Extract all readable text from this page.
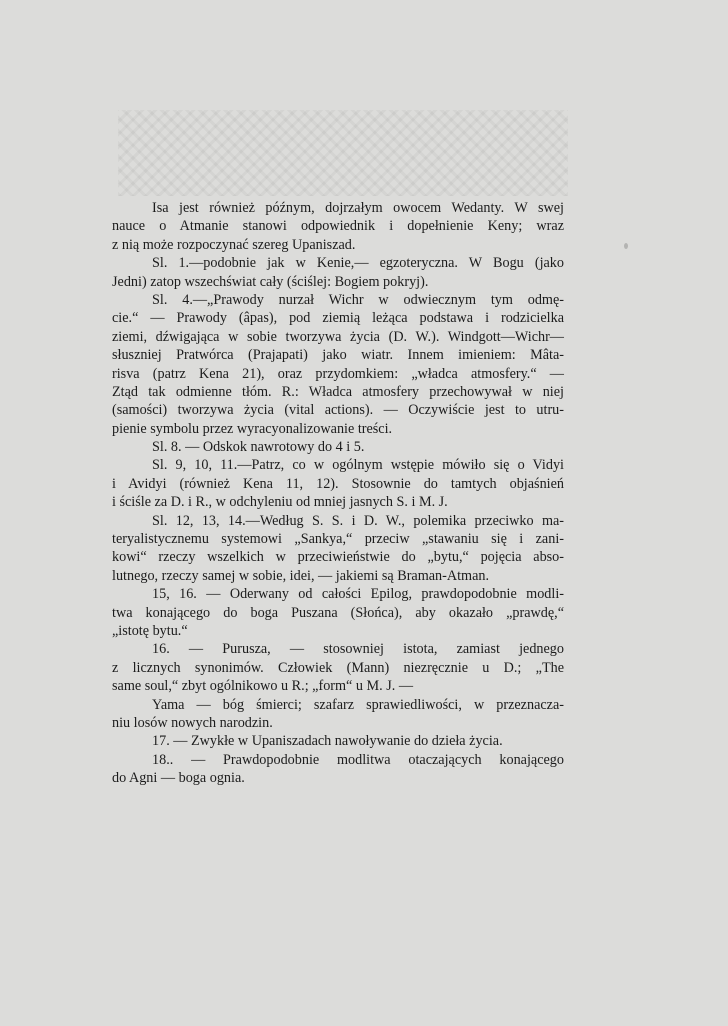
Isa jest również późnym, dojrzałym owocem Wedanty. W swej
nauce o Atmanie stanowi odpowiednik i dopełnienie Keny; wraz
z nią może rozpoczynać szereg Upaniszad.
Sl. 1.—podobnie jak w Kenie,— egzoteryczna. W Bogu (jako
Jedni) zatop wszechświat cały (ściślej: Bogiem pokryj).
Sl. 4.—„Prawody nurzał Wichr w odwiecznym tym odmę-
cie.“ — Prawody (âpas), pod ziemią leżąca podstawa i rodzicielka
ziemi, dźwigająca w sobie tworzywa życia (D. W.). Windgott—Wichr—
słuszniej Pratwórca (Prajapati) jako wiatr. Innem imieniem: Mâta-
risva (patrz Kena 21), oraz przydomkiem: „władca atmosfery.“ —
Ztąd tak odmienne tłóm. R.: Władca atmosfery przechowywał w niej
(samości) tworzywa życia (vital actions). — Oczywiście jest to utru-
pienie symbolu przez wyracyonalizowanie treści.
Sl. 8. — Odskok nawrotowy do 4 i 5.
Sl. 9, 10, 11.—Patrz, co w ogólnym wstępie mówiło się o Vidyi
i Avidyi (również Kena 11, 12). Stosownie do tamtych objaśnień
i ściśle za D. i R., w odchyleniu od mniej jasnych S. i M. J.
Sl. 12, 13, 14.—Według S. S. i D. W., polemika przeciwko ma-
teryalistycznemu systemowi „Sankya,“ przeciw „stawaniu się i zani-
kowi“ rzeczy wszelkich w przeciwieństwie do „bytu,“ pojęcia abso-
lutnego, rzeczy samej w sobie, idei, — jakiemi są Braman-Atman.
15, 16. — Oderwany od całości Epilog, prawdopodobnie modli-
twa konającego do boga Puszana (Słońca), aby okazało „prawdę,“
„istotę bytu.“
16. — Purusza, — stosowniej istota, zamiast jednego
z licznych synonimów. Człowiek (Mann) niezręcznie u D.; „The
same soul,“ zbyt ogólnikowo u R.; „form“ u M. J. —
Yama — bóg śmierci; szafarz sprawiedliwości, w przeznacza-
niu losów nowych narodzin.
17. — Zwykłe w Upaniszadach nawoływanie do dzieła życia.
18.. — Prawdopodobnie modlitwa otaczających konającego
do Agni — boga ognia.
